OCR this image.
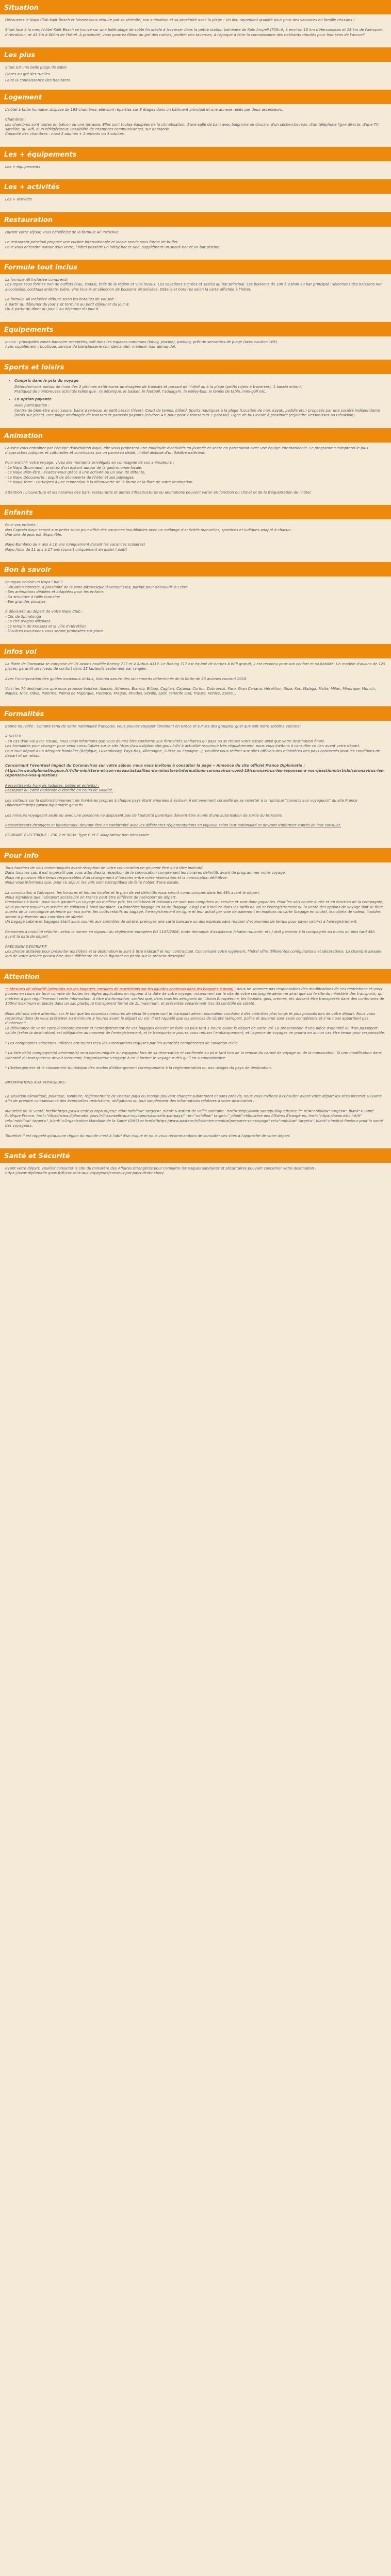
Situation

Découvrez le Nayo Club Kalit Beach et laissez-vous séduire par sa sérénité, son animation et sa proximité avec la plage ! Un lieu rayonnant qualifié pour pour des vacances en famille réussies !

Situé face à la mer, l'hôtel Kalit Beach se trouve sur une belle plage de sable fin idéale à traverser dans la petite station balnéaire de Kalo Ampeli (700m), à environ 10 km d'Hersonissos et 18 km de l'aéroport d'Heraklion, et 45 km à 600m de l'hôtel. À proximité, vous pourrez flâner au gré des ruelles, profiter des tavernes, à l'époque à faire la connaissance des habitants réputés pour leur sens de l'accueil.

Les plus

Situé sur une belle plage de sable

Fibres au gré des ruelles

Faire la connaissance des habitants

Logement

L'hôtel à taille humaine, dispose de 165 chambres, elle-sont réparties sur 3 étages dans un bâtiment principal et une annexe reliés par deux ascenseurs.

Chambres :
Les chambres sont toutes en balcon ou une terrasse. Elles sont toutes équipées de la climatisation, d'une salle de bain avec baignoire ou douche, d'un sèche-cheveux, d'un téléphone ligne directe, d'une TV satellite, du wifi, d'un réfrigérateur. Possibilité de chambres communicantes, sur demande.
Capacité des chambres : maxi 2 adultes + 2 enfants ou 3 adultes.

Les + équipements

Les + équipements

Les + activités

Les + activités

Restauration

Durant votre séjour, vous bénéficiez de la formule All Inclusive.

Le restaurant principal propose une cuisine internationale et locale servie sous forme de buffet.
Pour vous détendre autour d'un verre, l'hôtel possède un lobby bar et une, supplément un snack-bar et un bar piscine.

Formule tout inclus

La formule All Inclusive comprend:
Les repas sous formes non de buffets (eau, sodas), thés de la région et vins locaux. Les collations sucrées et salées au bar principal. Les boissons de 10h à 23h00 au bar principal : sélections des boissons non alcoolisées, cocktails enfants, bière, vins locaux et sélection de boissons alcoolisées. Détails et horaires selon la carte affichée à l'hôtel.

La formule All Inclusive débute selon les horaires de vol soit :
À partir du déjeuner du jour 1 et termine au petit déjeuner du jour 8.
Ou à partir du dîner du jour 1 au déjeuner du jour 8.

Equipements

Inclus : principales zones bancaire acceptées, wifi dans les espaces communs (lobby, piscine), parking, prêt de serviettes de plage (avec caution 10€).
Avec supplément : boutique, service de blanchisserie (sur demande), médecin (sur demande).

Sports et loisirs
• Compris dans le prix du voyage
Détendez-vous autour de l'une des 2 piscines extérieures aménagées de transats et parasol de l'hôtel ou à la plage (petits rojets à traverser), 1 bassin enfant.
Pratiquez de nombreuses activités telles que : le pétanque, le basket, le football, l'aquagym, le volley-ball, le tennis de table, mini-golf etc.
• En option payante
Avec participation :
Centre de bien-être avec sauna, bains à remous, et petit bassin (hiver). Court de tennis, billard. Sports nautiques à la plage (Location de mer, kayak, paddle etc.) proposés par une société indépendante (tarifs sur place). Une plage aménagée de transats et parasols payants (environ 4 € pour pour 2 transats et 1 parasol). Ligne de bus locale à proximité (rejoindre Hersonissos ou Héraklion).
Animation

Laissez-vous entraîner par l'équipe d'animation Nayo, elle vous proposera une multitude d'activités en journée et vente en partenariat avec une équipe internationale. Le programme comprend le plus d'approches ludiques et culturelles et conviviales sur un panneau dédié, l'hôtel disposé d'un théâtre extérieur.

Pour enrichir votre voyage, vivez des moments privilégiés en compagnie de vos animateurs :
- Le Nayo Gourmand : profitez d'un instant autour de la gastronomie locale,
- Le Nayo Bien-être : évadez-vous grâce à une activité ou un soin de détente,
- Le Nayo Découverte : esprit de découverte de l'hôtel et ses paysages,
- Le Nayo Terre : Participez à une immersion à la découverte de la faune et la flore de votre destination.

Attention : L'ouverture et les horaires des bars, restaurants et autres infrastructures ou animations peuvent varier en fonction du climat et de la fréquentation de l'hôtel.

Enfants

Pour vos enfants :
Nos Captain Nayo seront aux petits soins pour offrir des vacances inoubliables avec un mélange d'activités manuelles, sportives et ludiques adapté à chacun.
Une aire de jeux est disponible.

Nayo Bambino de 4 ans à 10 ans (uniquement durant les vacances scolaires)
Nayo Ados de 11 ans à 17 ans (ouvert uniquement en juillet / août)

Bon à savoir

Pourquoi choisir un Nayo Club ?
- Situation centrale, à proximité de la zone pittoresque d'Hersonissos, parfait pour découvrir la Crète
- Ses animations dédiées et adaptées pour les enfants
- Sa structure à taille humaine
- Ses grandes piscines

À découvrir au départ de votre Nayo Club :
- Clic de Spinalonga
- La cité d'Agios Nikolaos
- Le temple de Knossos et la ville d'Héraklion
- D'autres excursions vous seront proposées sur place.

Infos vol

La flotte de Transavia se compose de 19 avions modèle Boeing 717 et 4 Airbus A319. Le Boeing 717 est équipé de bornes à Wifi gratuit, il est reconnu pour son confort et sa fiabilité. Un modèle d'avions de 125 places, garantit un niveau de confort dans 15 fauteuils seulement par rangée.

Avec l'incorporation des guides nouveaux Airbus, Volotea assure des lancements déterminés de la flotte de 23 aviones courant 2016.

Voici les 70 destinations que nous propose Volotea: Ajaccio, Athènes, Biarritz, Bilbao, Cagliari, Catania, Corfou, Dubrovnik, Faro, Gran Canaria, Héraklion, Ibiza, Kos, Malaga, Malte, Milan, Minorque, Munich, Naples, Nice, Olbia, Palerme, Palma de Majorque, Florence, Prague, Rhodes, Séville, Split, Tenerife Sud, Trieste, Venise, Zante...

Formalités

Bonne nouvelle : Compte tenu de votre nationalité française, vous pouvez voyager librement en Grèce et sur les des groupes, quel que soit notre schéma vaccinal.

À NOTER
- En cas d'un vol avec escale, nous vous informons que vous devrez être conforme aux formalités sanitaires du pays où se trouve votre escale ainsi que votre destination finale.
Les formalités pour changer pour venir consultables sur le site https://www.diplomatie.gouv.fr/fr/ à actualité reconnue très régulièrement, nous vous invitons à consulter ce lien avant votre départ.
Pour tout départ d'un aéroport frontalier (Belgique, Luxembourg, Pays-Bas, Allemagne, Suisse ou Espagne...), veuillez vous référer aux sites officiels des ministères des pays concernés pour les conditions de départ et de retour.

Concernant l'éventuel impact du Coronavirus sur votre séjour, nous vous invitons à consulter la page « Annonce du site officiel France Diplomatie :
https://www.diplomatie.gouv.fr/fr/le-ministere-et-son-reseau/actualites-du-ministere/informations-coronavirus-covid-19/coronavirus-les-reponses-a-vos-questions/article/coronavirus-les-reponses-a-vos-questions

Ressortissants français (adultes, bébés et enfants) :
Passeport ou carte nationale d'identité en cours de validité.

Les visiteurs sur la disfonctionnement de frontières propres à chaque pays étant amenées à évoluer, il est vivement conseillé de se reporter à la rubrique "conseils aux voyageurs" du site France Diplomatie:https://www.diplomatie.gouv.fr/

Les mineurs voyageant seuls ou avec une personne ne disposant pas de l'autorité parentale doivent être munis d'une autorisation de sortie du territoire.

Ressortissants étrangers et binationaux: devront être en conformité avec les différentes réglementations en vigueur, selon leur nationalité et devront s'informer auprès de leur consulat.

COURANT ÉLECTRIQUE : 230 V et 50Hz. Type C et F. Adaptateur non nécessaire.

Pour info

Tous horaires de vols communiqués avant réception de votre convocation ne peuvent être qu'à titre indicatif.
Dans tous les cas, il est impératif que vous attendiez la réception de la convocation comprenant les horaires définitifs avant de programmer votre voyage.
Nous ne pouvons être tenus responsables d'un changement d'horaires entre votre réservation et la convocation définitive.
Nous vous informons que, pour ce séjour, les vols sont susceptibles de faire l'objet d'une escale.

La convocation à l'aéroport, les horaires et heures locales et le plan de vol définitifs vous seront communiqués dans les 48h avant le départ.
Nous signalons que l'aéroport accessible en France peut être différent de l'aéroport de départ.
Prestations à bord : pour vous garantir un voyage au meilleur prix, les collations et boissons ne sont pas comprises au service et sont donc payantes. Pour les vols courte durée et en fonction de la compagnie, vous pourrez trouver un service de collation à bord sur place. La franchise bagage en soute (bagage 23kg) est à inclure dans les tarifs de vol et l'enregistrement ou la vente des options de voyage doit se faire auprès de la compagnie aérienne par vos soins, les coûts relatifs au bagage, l'enregistrement en ligne et leur achat par voie de paiement en espèces ou carte (bagage en soute), les objets de valeur, liquides seront à présenter aux contrôles de sûreté.
Un bagage cabine et bagages étant alors soumis aux contrôles de sûreté, prévoyez une carte bancaire ou des espèces sans réaliser d'économies de temps pour payer celui-ci à l'enregistrement.

Personnes à mobilité réduite : selon la norme en vigueur du règlement européen EU 1107/2006, toute demande d'assistance (chaise roulante, etc.) doit parvenir à la compagnie au moins au plus tard 48h avant la date de départ.

PRÉCISION DESCRIPTIF
Les photos utilisées pour présenter les hôtels et la destination le sont à titre indicatif et non contractuel. Concernant votre logement, l'hôtel offre différentes configurations et décorations. La chambre allouée lors de votre arrivée pourra être donc différente de celle figurant en photo sur le présent descriptif.

Attention

** Mesures de sécurité (attentats sur les bagages: mesures de restrictions sur les liquides contenus dans les bagages à main) : nous ne sommes pas responsables des modifications de ces restrictions et vous pouvez en cours de tenir compte de toutes les règles applicables en vigueur à la date de votre voyage, notamment sur le site de votre compagnie aérienne ainsi que sur le site du ministère des transports, qui mettent à jour régulièrement cette information. À titre d'information, sachez que, dans tous les aéroports de l'Union Européenne, les liquides, gels, crèmes, etc doivent être transportés dans des contenants de 100ml maximum et placés dans un sac plastique transparent fermé de 1L maximum, et présentés séparément lors du contrôle de sûreté.

Nous attirons votre attention sur le fait que les nouvelles mesures de sécurité concernant le transport aérien pourraient conduire à des contrôles plus longs et plus poussés lors de votre départ. Nous vous recommandons de vous présenter au minimum 3 heures avant le départ du vol. Il est rappelé que les services de sûreté (aéroport, police et douane) sont seuls compétents et il ne nous appartient pas d'intervenir.
La délivrance de votre carte d'embarquement et l'enregistrement de vos bagages doivent se faire au plus tard 1 heure avant le départ de votre vol. La présentation d'une pièce d'identité ou d'un passeport valide (selon la destination) est obligatoire au moment de l'enregistrement, et le transporteur pourra vous refuser l'embarquement, et l'agence de voyages ne pourra en aucun cas être tenue pour responsable.

* Les compagnies aériennes utilisées ont toutes reçu les autorisations requises par les autorités compétentes de l'aviation civile.

* La liste de(s) compagnie(s) aérienne(s) sera communiquée au voyageur lors de sa réservation et confirmée au plus tard lors de la remise du carnet de voyage ou de la convocation. Si une modification dans l'identité du transporteur devait intervenir, l'organisateur s'engage à en informer le voyageur dès qu'il en a connaissance.

* L'hébergement et le classement touristique des modes d'hébergement correspondent à la réglementation ou aux usages du pays de destination.

INFORMATIONS AUX VOYAGEURS :

La situation climatique, politique, sanitaire, réglementaire de chaque pays du monde pouvant changer subitement et sans préavis, nous vous invitons à consulter avant votre départ les sites Internet suivants afin de prendre connaissance des éventuelles restrictions, obligations ou tout simplement des informations relatives à votre destination :

Ministère de la Santé: href="https://www.ecdc.europa.eu/en/" rel="nofollow" target="_blank">Institut de veille sanitaire : href="http://www.santepubliquefrance.fr" rel="nofollow" target="_blank">Santé Publique France, href="http://www.diplomatie.gouv.fr/fr/conseils-aux-voyageurs/conseils-par-pays/" rel="nofollow" target="_blank">Ministère des Affaires Étrangères, href="https://www.who.int/fr" rel="nofollow" target="_blank">Organisation Mondiale de la Santé (OMS) et href="https://www.pasteur.fr/fr/centre-medical/preparer-son-voyage" rel="nofollow" target="_blank">Institut Pasteur pour la santé des voyageurs.

Toutefois il est rappelé qu'aucune région du monde n'est à l'abri d'un risque et nous vous recommandons de consulter ces sites à l'approche de votre départ.

Santé et Sécurité

Avant votre départ, veuillez consulter le site du ministère des Affaires étrangères pour connaître les risques sanitaires et sécuritaires pouvant concerner votre destination : https://www.diplomatie.gouv.fr/fr/conseils-aux-voyageurs/conseils-par-pays-destination/
